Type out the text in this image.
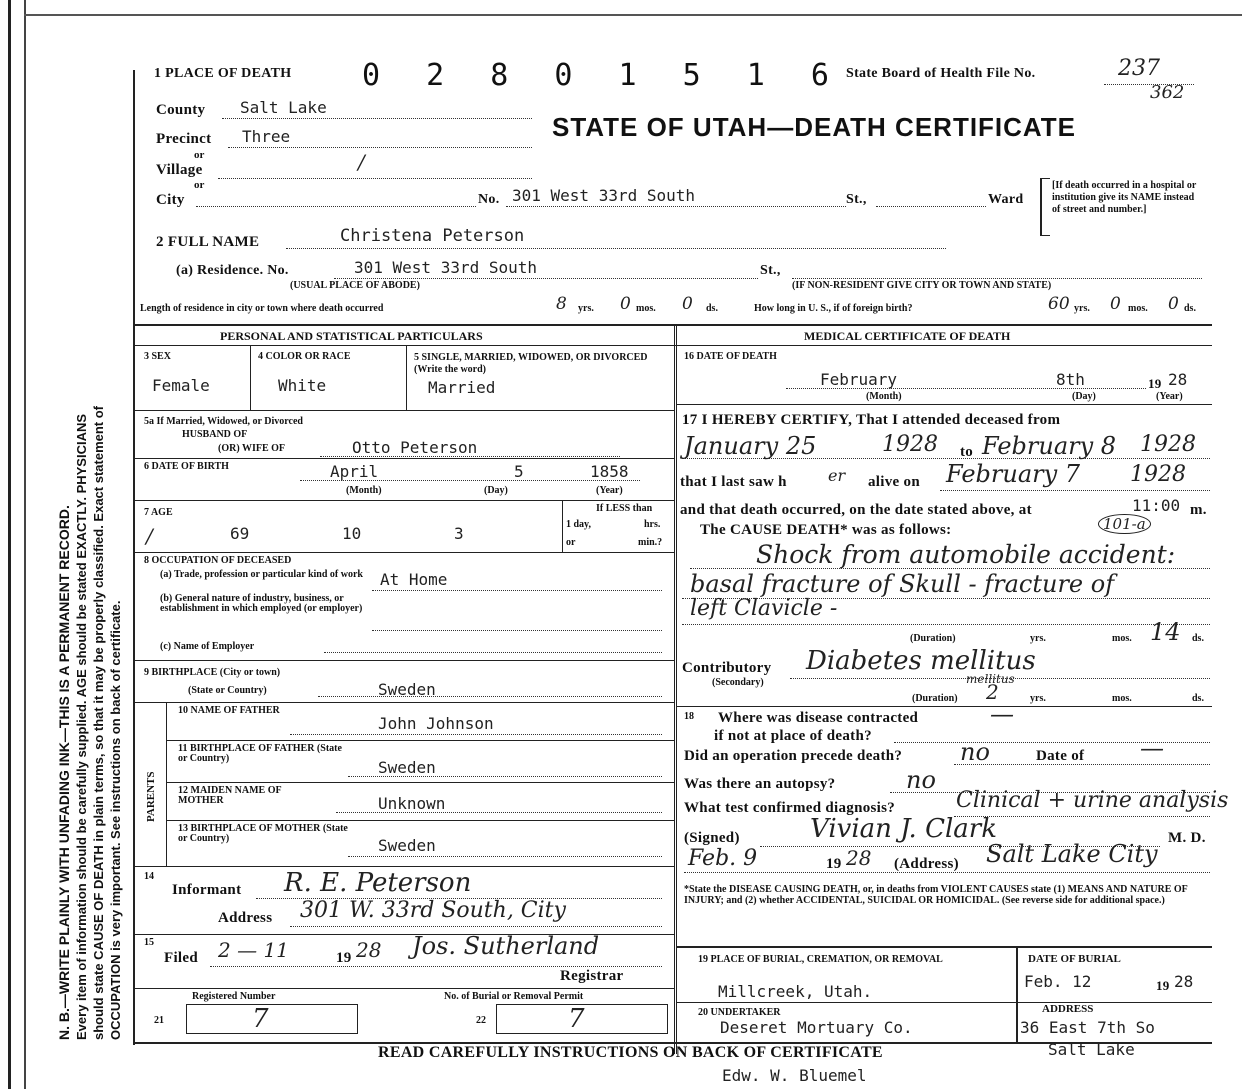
N. B.—WRITE PLAINLY WITH UNFADING INK—THIS IS A PERMANENT RECORD. Every item of information should be carefully supplied. AGE should be stated EXACTLY. PHYSICIANS should state CAUSE OF DEATH in plain terms, so that it may be properly classified. Exact statement of OCCUPATION is very important. See instructions on back of certificate.
1 PLACE OF DEATH 0 2 8 0 1 5 1 6 State Board of Health File No.	237
362
STATE OF UTAH—DEATH CERTIFICATE
County Salt Lake
Precinct Three
or
Village	/
or
City	No. 301 West 33rd South	St.,	Ward
[If death occurred in a hospital or institution give its NAME instead of street and number.]
2 FULL NAME	Christena Peterson
(a) Residence. No.	301 West 33rd South	St.,
(USUAL PLACE OF ABODE)	(IF NON-RESIDENT GIVE CITY OR TOWN AND STATE)
Length of residence in city or town where death occurred	8 yrs. 0 mos. 0 ds.	How long in U. S., if of foreign birth?	60 yrs. 0 mos. 0 ds.
PERSONAL AND STATISTICAL PARTICULARS	MEDICAL CERTIFICATE OF DEATH
3 SEX
Female
4 COLOR OR RACE
White
5 SINGLE, MARRIED, WIDOWED, OR DIVORCED (Write the word)
Married
5a If Married, Widowed, or Divorced
HUSBAND OF
(OR) WIFE OF	Otto Peterson
6 DATE OF BIRTH	April	5	1858
(Month)	(Day)	(Year)
7 AGE
/	69	10	3
If LESS than
1 day,	hrs.
or	min.?
8 OCCUPATION OF DECEASED
(a) Trade, profession or particular kind of work	At Home
(b) General nature of industry, business, or establishment in which employed (or employer)
(c) Name of Employer
9 BIRTHPLACE (City or town)
(State or Country)	Sweden
PARENTS
10 NAME OF FATHER
John Johnson
11 BIRTHPLACE OF FATHER (State or Country)	Sweden
12 MAIDEN NAME OF MOTHER	Unknown
13 BIRTHPLACE OF MOTHER (State or Country)	Sweden
14
Informant R. E. Peterson
Address 301 W. 33rd South, City
15
Filed 2 — 11	19 28 Jos. Sutherland
Registrar
Registered Number	No. of Burial or Removal Permit
21	7	22	7
16 DATE OF DEATH
February	8th	19 28
(Month)	(Day)	(Year)
17 I HEREBY CERTIFY, That I attended deceased from
January 25	1928 to February 8 1928
that I last saw h	er alive on February 7 1928
and that death occurred, on the date stated above, at	11:00 m.
The CAUSE DEATH* was as follows:	101-a
Shock from automobile accident:
basal fracture of Skull - fracture of
left Clavicle -
(Duration)	yrs.	mos. 14 ds.
Contributory
(Secondary)
Diabetes mellitus
mellitus
(Duration) 2	yrs.	mos.	ds.
18 Where was disease contracted	—
if not at place of death?
Did an operation precede death? no	Date of —
Was there an autopsy?	no
What test confirmed diagnosis?	Clinical + urine analysis
(Signed)	Vivian J. Clark	M. D.
Feb. 9	19 28 (Address) Salt Lake City
*State the DISEASE CAUSING DEATH, or, in deaths from VIOLENT CAUSES state (1) MEANS AND NATURE OF INJURY; and (2) whether ACCIDENTAL, SUICIDAL OR HOMICIDAL. (See reverse side for additional space.)
19 PLACE OF BURIAL, CREMATION, OR REMOVAL
Millcreek, Utah.
DATE OF BURIAL
Feb. 12	19 28
20 UNDERTAKER
Deseret Mortuary Co.
ADDRESS
36 East 7th So
Salt Lake
READ CAREFULLY INSTRUCTIONS ON BACK OF CERTIFICATE
Edw. W. Bluemel
